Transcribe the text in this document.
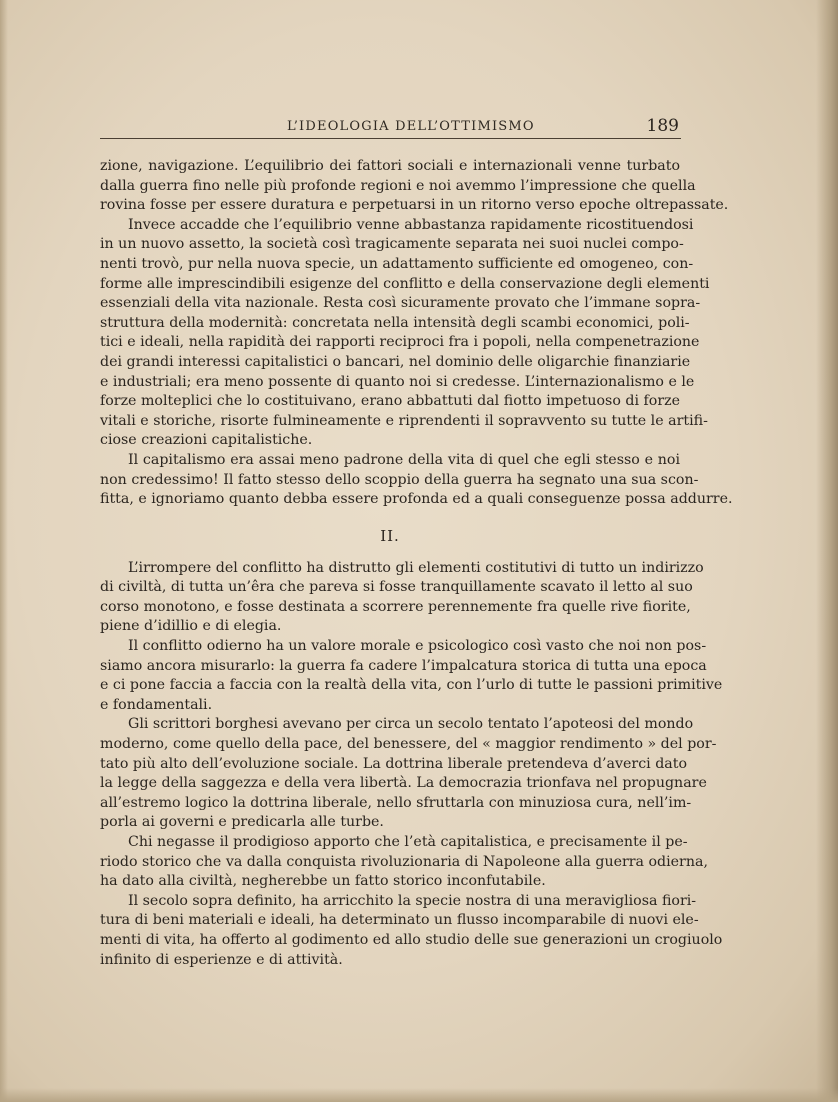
L’IDEOLOGIA DELL’OTTIMISMO	189
zione, navigazione. L’equilibrio dei fattori sociali e internazionali venne turbato
dalla guerra fino nelle più profonde regioni e noi avemmo l’impressione che quella
rovina fosse per essere duratura e perpetuarsi in un ritorno verso epoche oltrepassate.
Invece accadde che l’equilibrio venne abbastanza rapidamente ricostituendosi
in un nuovo assetto, la società così tragicamente separata nei suoi nuclei compo-
nenti trovò, pur nella nuova specie, un adattamento sufficiente ed omogeneo, con-
forme alle imprescindibili esigenze del conflitto e della conservazione degli elementi
essenziali della vita nazionale. Resta così sicuramente provato che l’immane sopra-
struttura della modernità: concretata nella intensità degli scambi economici, poli-
tici e ideali, nella rapidità dei rapporti reciproci fra i popoli, nella compenetrazione
dei grandi interessi capitalistici o bancari, nel dominio delle oligarchie finanziarie
e industriali; era meno possente di quanto noi si credesse. L’internazionalismo e le
forze molteplici che lo costituivano, erano abbattuti dal fiotto impetuoso di forze
vitali e storiche, risorte fulmineamente e riprendenti il sopravvento su tutte le artifi-
ciose creazioni capitalistiche.
Il capitalismo era assai meno padrone della vita di quel che egli stesso e noi
non credessimo! Il fatto stesso dello scoppio della guerra ha segnato una sua scon-
fitta, e ignoriamo quanto debba essere profonda ed a quali conseguenze possa addurre.
II.
L’irrompere del conflitto ha distrutto gli elementi costitutivi di tutto un indirizzo
di civiltà, di tutta un’êra che pareva si fosse tranquillamente scavato il letto al suo
corso monotono, e fosse destinata a scorrere perennemente fra quelle rive fiorite,
piene d’idillio e di elegia.
Il conflitto odierno ha un valore morale e psicologico così vasto che noi non pos-
siamo ancora misurarlo: la guerra fa cadere l’impalcatura storica di tutta una epoca
e ci pone faccia a faccia con la realtà della vita, con l’urlo di tutte le passioni primitive
e fondamentali.
Gli scrittori borghesi avevano per circa un secolo tentato l’apoteosi del mondo
moderno, come quello della pace, del benessere, del « maggior rendimento » del por-
tato più alto dell’evoluzione sociale. La dottrina liberale pretendeva d’averci dato
la legge della saggezza e della vera libertà. La democrazia trionfava nel propugnare
all’estremo logico la dottrina liberale, nello sfruttarla con minuziosa cura, nell’im-
porla ai governi e predicarla alle turbe.
Chi negasse il prodigioso apporto che l’età capitalistica, e precisamente il pe-
riodo storico che va dalla conquista rivoluzionaria di Napoleone alla guerra odierna,
ha dato alla civiltà, negherebbe un fatto storico inconfutabile.
Il secolo sopra definito, ha arricchito la specie nostra di una meravigliosa fiori-
tura di beni materiali e ideali, ha determinato un flusso incomparabile di nuovi ele-
menti di vita, ha offerto al godimento ed allo studio delle sue generazioni un crogiuolo
infinito di esperienze e di attività.
